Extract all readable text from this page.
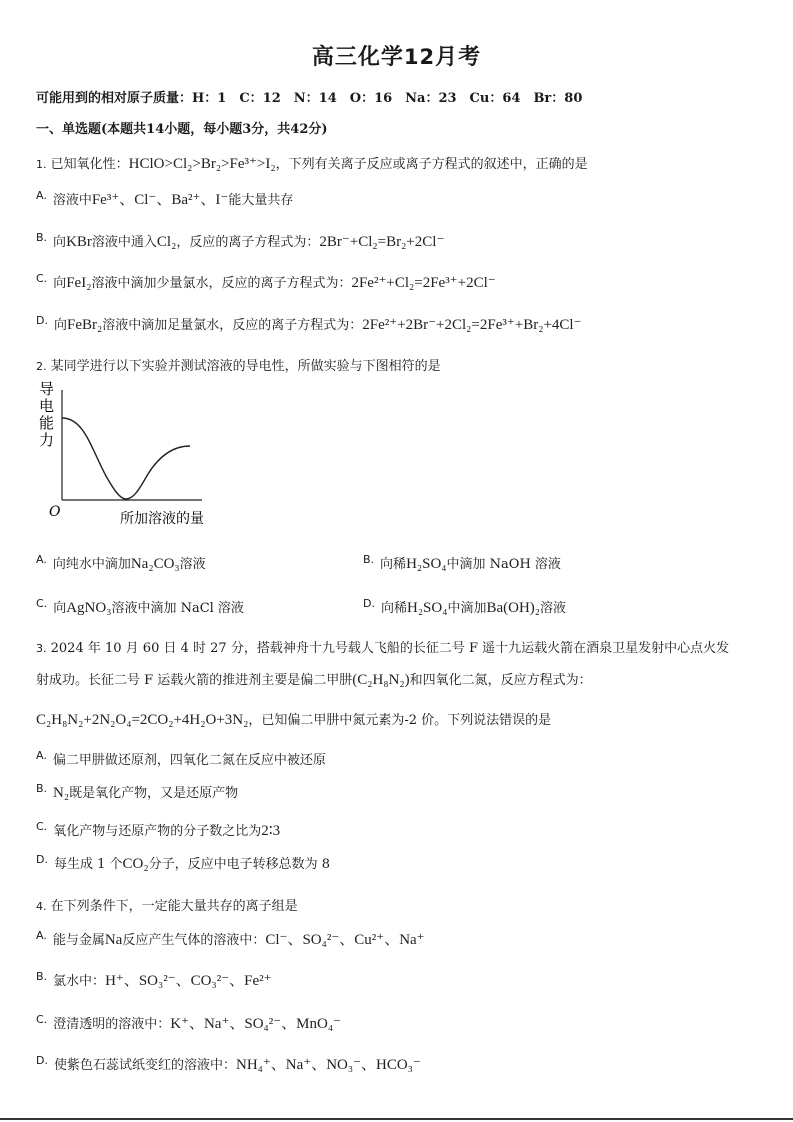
高三化学12月考
可能用到的相对原子质量：H：1　C：12　N：14　O：16　Na：23　Cu：64　Br：80
一、单选题(本题共14小题，每小题3分，共42分)
1. 已知氧化性：HClO>Cl₂>Br₂>Fe³⁺>I₂，下列有关离子反应或离子方程式的叙述中，正确的是
A. 溶液中Fe³⁺、Cl⁻、Ba²⁺、I⁻能大量共存
B. 向KBr溶液中通入Cl₂，反应的离子方程式为：2Br⁻+Cl₂=Br₂+2Cl⁻
C. 向FeI₂溶液中滴加少量氯水，反应的离子方程式为：2Fe²⁺+Cl₂=2Fe³⁺+2Cl⁻
D. 向FeBr₂溶液中滴加足量氯水，反应的离子方程式为：2Fe²⁺+2Br⁻+2Cl₂=2Fe³⁺+Br₂+4Cl⁻
2. 某同学进行以下实验并测试溶液的导电性，所做实验与下图相符的是
导
电
能
力
O	所加溶液的量
A. 向纯水中滴加Na₂CO₃溶液	B. 向稀H₂SO₄中滴加 NaOH 溶液
C. 向AgNO₃溶液中滴加 NaCl 溶液	D. 向稀H₂SO₄中滴加Ba(OH)₂溶液
3. 2024 年 10 月 60 日 4 时 27 分，搭载神舟十九号载人飞船的长征二号 F 遥十九运载火箭在酒泉卫星发射中心点火发
射成功。长征二号 F 运载火箭的推进剂主要是偏二甲肼(C₂H₈N₂)和四氧化二氮，反应方程式为：
C₂H₈N₂+2N₂O₄=2CO₂+4H₂O+3N₂，已知偏二甲肼中氮元素为-2 价。下列说法错误的是
A. 偏二甲肼做还原剂，四氧化二氮在反应中被还原
B. N₂既是氧化产物，又是还原产物
C. 氧化产物与还原产物的分子数之比为2∶3
D. 每生成 1 个CO₂分子，反应中电子转移总数为 8
4. 在下列条件下，一定能大量共存的离子组是
A. 能与金属Na反应产生气体的溶液中：Cl⁻、SO₄²⁻、Cu²⁺、Na⁺
B. 氯水中：H⁺、SO₃²⁻、CO₃²⁻、Fe²⁺
C. 澄清透明的溶液中：K⁺、Na⁺、SO₄²⁻、MnO₄⁻
D. 使紫色石蕊试纸变红的溶液中：NH₄⁺、Na⁺、NO₃⁻、HCO₃⁻
